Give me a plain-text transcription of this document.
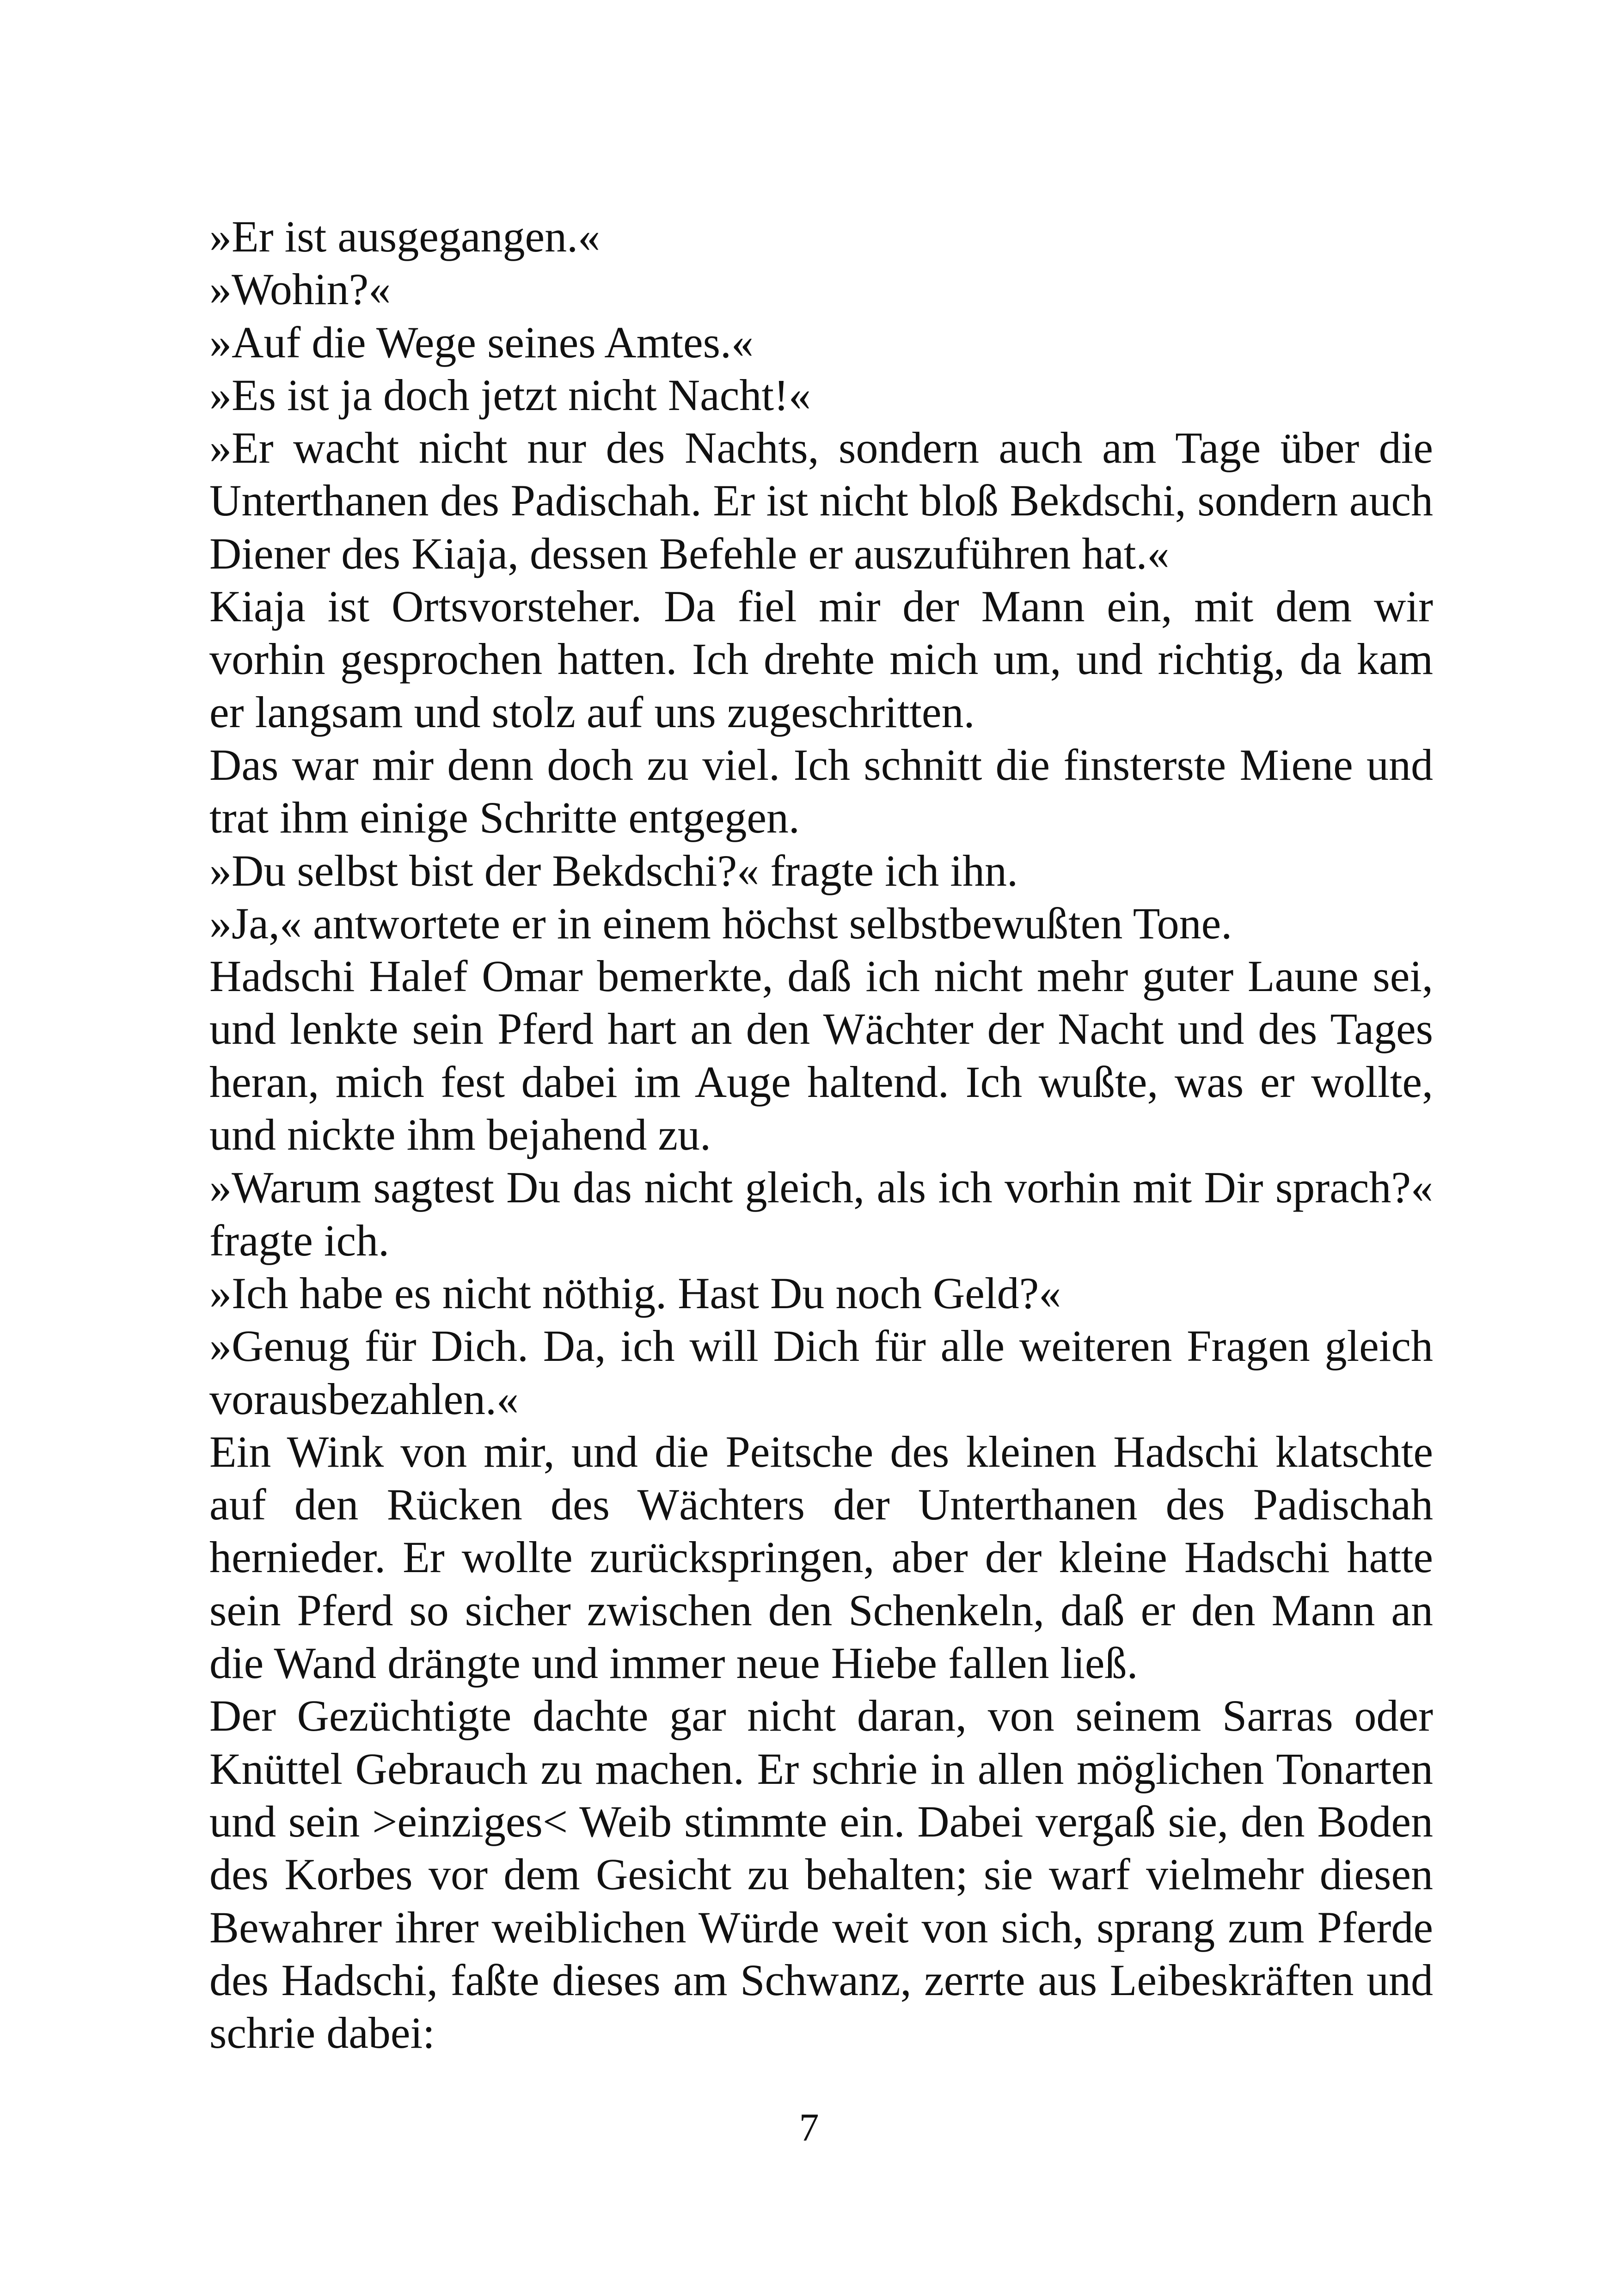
»Er ist ausgegangen.«

»Wohin?«

»Auf die Wege seines Amtes.«

»Es ist ja doch jetzt nicht Nacht!«

»Er wacht nicht nur des Nachts, sondern auch am Tage über die Unterthanen des Padischah. Er ist nicht bloß Bekdschi, sondern auch Diener des Kiaja, dessen Befehle er auszuführen hat.«

Kiaja ist Ortsvorsteher. Da fiel mir der Mann ein, mit dem wir vorhin gesprochen hatten. Ich drehte mich um, und richtig, da kam er langsam und stolz auf uns zugeschritten.

Das war mir denn doch zu viel. Ich schnitt die finsterste Miene und trat ihm einige Schritte entgegen.

»Du selbst bist der Bekdschi?« fragte ich ihn.

»Ja,« antwortete er in einem höchst selbstbewußten Tone.

Hadschi Halef Omar bemerkte, daß ich nicht mehr guter Laune sei, und lenkte sein Pferd hart an den Wächter der Nacht und des Tages heran, mich fest dabei im Auge haltend. Ich wußte, was er wollte, und nickte ihm bejahend zu.

»Warum sagtest Du das nicht gleich, als ich vorhin mit Dir sprach?« fragte ich.

»Ich habe es nicht nöthig. Hast Du noch Geld?«

»Genug für Dich. Da, ich will Dich für alle weiteren Fragen gleich vorausbezahlen.«

Ein Wink von mir, und die Peitsche des kleinen Hadschi klatschte auf den Rücken des Wächters der Unterthanen des Padischah hernieder. Er wollte zurückspringen, aber der kleine Hadschi hatte sein Pferd so sicher zwischen den Schenkeln, daß er den Mann an die Wand drängte und immer neue Hiebe fallen ließ.

Der Gezüchtigte dachte gar nicht daran, von seinem Sarras oder Knüttel Gebrauch zu machen. Er schrie in allen möglichen Tonarten und sein >einziges< Weib stimmte ein. Dabei vergaß sie, den Boden des Korbes vor dem Gesicht zu behalten; sie warf vielmehr diesen Bewahrer ihrer weiblichen Würde weit von sich, sprang zum Pferde des Hadschi, faßte dieses am Schwanz, zerrte aus Leibeskräften und schrie dabei:

7
